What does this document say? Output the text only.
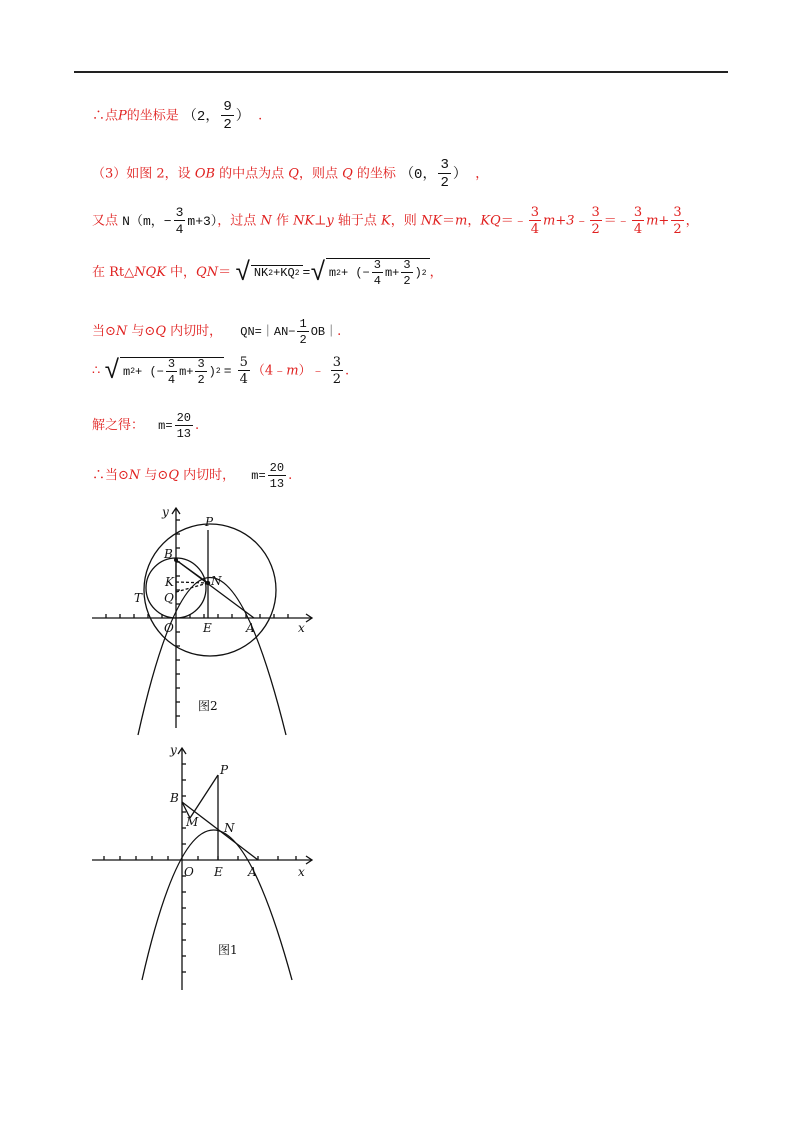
∴点P的坐标是 （2， $\frac{9}{2}$ ） .
（3）如图 2，设 OB 的中点为点 Q，则点 Q 的坐标 （0， $\frac{3}{2}$ ） ，
又点 N（m，− $\frac{3}{4} m+3$），过点 N 作 NK⊥y 轴于点 K，则 NK＝m，KQ＝﹣ $\frac{3}{4}$ m+3﹣ $\frac{3}{2}$ ＝﹣ $\frac{3}{4} m+ \frac{3}{2}$ ，
在 Rt△NQK 中，QN＝ √ NK 2 +KQ 2 = √ m 2 + ( − $\frac{3}{4} m+ \frac{3}{2}$ ) 2 ，
当⊙N 与⊙Q 内切时， QN=｜AN− $\frac{1}{2}$ OB｜.
∴ √ m 2 + ( − $\frac{3}{4} m+ \frac{3}{2}$ ) $2 = \frac{5}{4}$ （4﹣m）﹣ $\frac{3}{2}$ .
解之得： $m= \frac{20}{13}$ .
∴当⊙N 与⊙Q 内切时， $m= \frac{20}{13}$ .
y
x
P
B
K	N
Q
T
O E	A
图2
y
x
P
B
M N
O E A
图1
